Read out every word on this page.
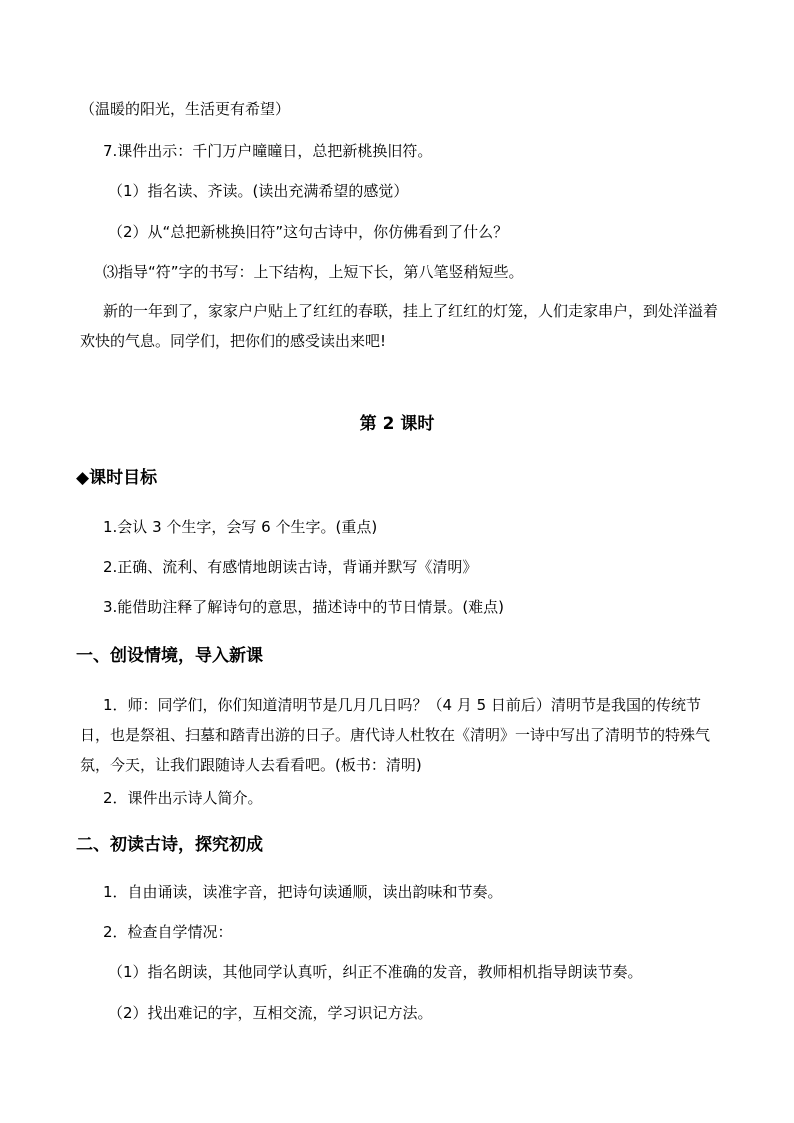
（温暖的阳光，生活更有希望）
7.课件出示：千门万户曈曈日，总把新桃换旧符。
（1）指名读、齐读。(读出充满希望的感觉）
（2）从“总把新桃换旧符”这句古诗中，你仿佛看到了什么？
⑶指导“符”字的书写：上下结构，上短下长，第八笔竖稍短些。
新的一年到了，家家户户贴上了红红的春联，挂上了红红的灯笼，人们走家串户，到处洋溢着欢快的气息。同学们，把你们的感受读出来吧!
第 2 课时
◆课时目标
1.会认 3 个生字，会写 6 个生字。(重点)
2.正确、流利、有感情地朗读古诗，背诵并默写《清明》
3.能借助注释了解诗句的意思，描述诗中的节日情景。(难点)
一、创设情境，导入新课
1．师：同学们，你们知道清明节是几月几日吗？（4 月 5 日前后）清明节是我国的传统节日，也是祭祖、扫墓和踏青出游的日子。唐代诗人杜牧在《清明》一诗中写出了清明节的特殊气氛，今天，让我们跟随诗人去看看吧。(板书：清明)
2．课件出示诗人简介。
二、初读古诗，探究初成
1．自由诵读，读准字音，把诗句读通顺，读出韵味和节奏。
2．检查自学情况：
（1）指名朗读，其他同学认真听，纠正不准确的发音，教师相机指导朗读节奏。
（2）找出难记的字，互相交流，学习识记方法。
